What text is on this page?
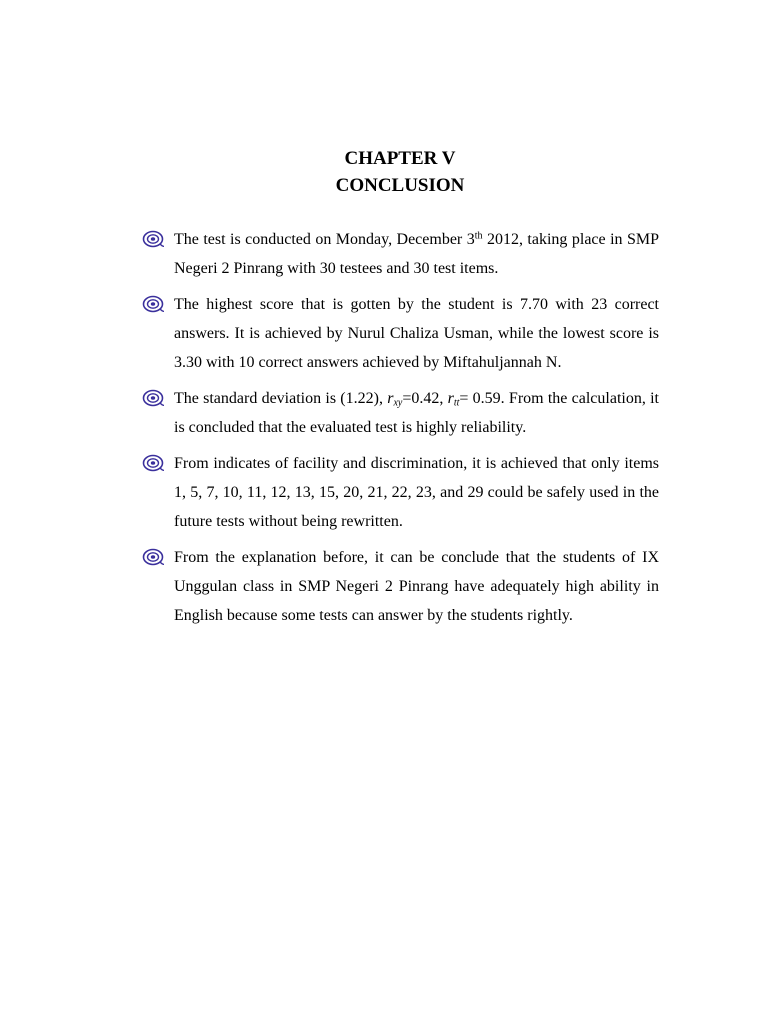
CHAPTER V
CONCLUSION
The test is conducted on Monday, December 3th 2012, taking place in SMP Negeri 2 Pinrang with 30 testees and 30 test items.
The highest score that is gotten by the student is 7.70 with 23 correct answers. It is achieved by Nurul Chaliza Usman, while the lowest score is 3.30 with 10 correct answers achieved by Miftahuljannah N.
The standard deviation is (1.22), $r_{xy}=0.42$, $r_{tt}= 0.59$. From the calculation, it is concluded that the evaluated test is highly reliability.
From indicates of facility and discrimination, it is achieved that only items 1, 5, 7, 10, 11, 12, 13, 15, 20, 21, 22, 23, and 29 could be safely used in the future tests without being rewritten.
From the explanation before, it can be conclude that the students of IX Unggulan class in SMP Negeri 2 Pinrang have adequately high ability in English because some tests can answer by the students rightly.
